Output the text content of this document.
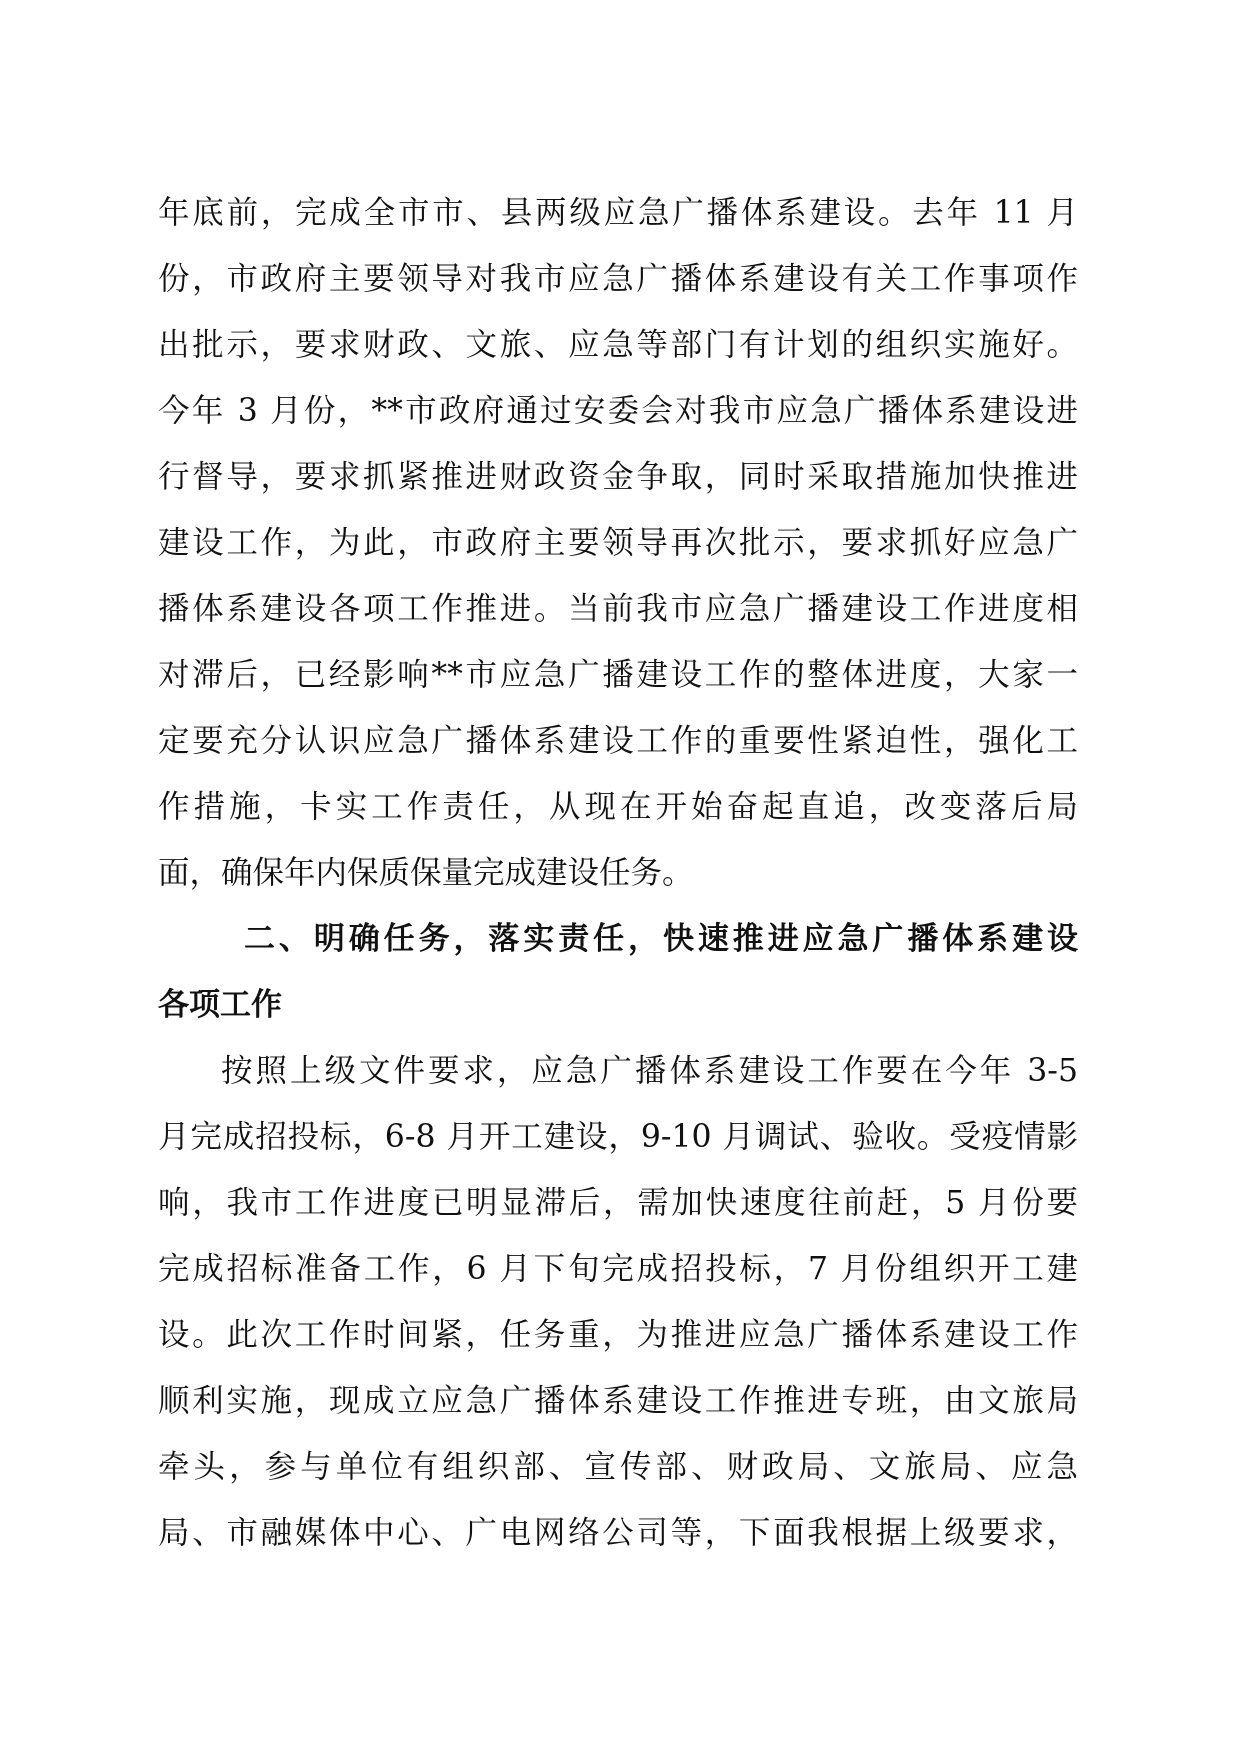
年底前，完成全市市、县两级应急广播体系建设。去年 11 月
份，市政府主要领导对我市应急广播体系建设有关工作事项作
出批示，要求财政、文旅、应急等部门有计划的组织实施好。
今年 3 月份，**市政府通过安委会对我市应急广播体系建设进
行督导，要求抓紧推进财政资金争取，同时采取措施加快推进
建设工作，为此，市政府主要领导再次批示，要求抓好应急广
播体系建设各项工作推进。当前我市应急广播建设工作进度相
对滞后，已经影响**市应急广播建设工作的整体进度，大家一
定要充分认识应急广播体系建设工作的重要性紧迫性，强化工
作措施，卡实工作责任，从现在开始奋起直追，改变落后局
面，确保年内保质保量完成建设任务。
二、明确任务，落实责任，快速推进应急广播体系建设
各项工作
按照上级文件要求，应急广播体系建设工作要在今年 3-5
月完成招投标，6-8 月开工建设，9-10 月调试、验收。受疫情影
响，我市工作进度已明显滞后，需加快速度往前赶，5 月份要
完成招标准备工作，6 月下旬完成招投标，7 月份组织开工建
设。此次工作时间紧，任务重，为推进应急广播体系建设工作
顺利实施，现成立应急广播体系建设工作推进专班，由文旅局
牵头，参与单位有组织部、宣传部、财政局、文旅局、应急
局、市融媒体中心、广电网络公司等，下面我根据上级要求，
